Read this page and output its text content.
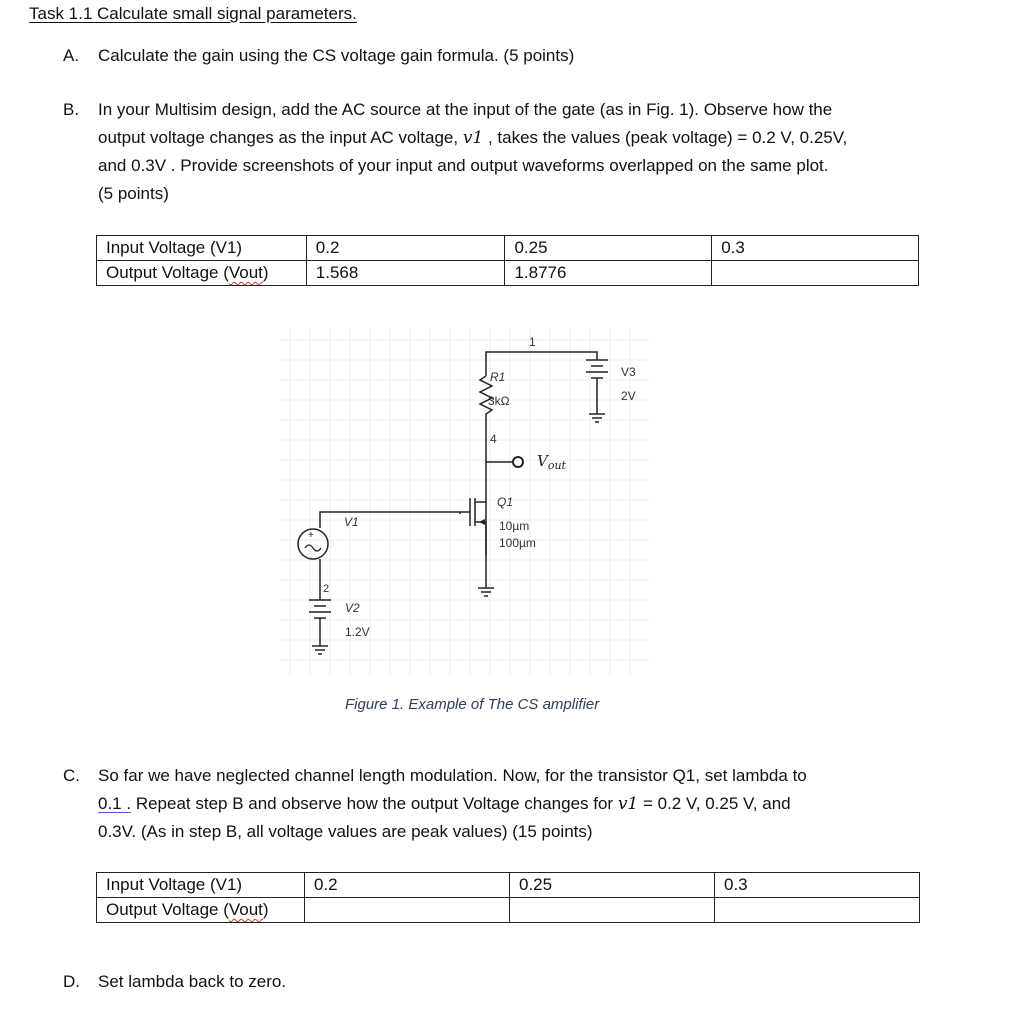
Task 1.1 Calculate small signal parameters.
A. Calculate the gain using the CS voltage gain formula. (5 points)
B. In your Multisim design, add the AC source at the input of the gate (as in Fig. 1). Observe how the
output voltage changes as the input AC voltage, v1 , takes the values (peak voltage) = 0.2 V, 0.25V,
and 0.3V . Provide screenshots of your input and output waveforms overlapped on the same plot.
(5 points)
Input Voltage (V1)	0.2	0.25	0.3
Output Voltage (Vout)	1.568	1.8776	
+
1
R1
3kΩ
V3
2V
4
$V_{out}$
Q1
10µm
100µm
V1
2
V2
1.2V
Figure 1. Example of The CS amplifier
C. So far we have neglected channel length modulation. Now, for the transistor Q1, set lambda to
0.1 . Repeat step B and observe how the output Voltage changes for v1 = 0.2 V, 0.25 V, and
0.3V. (As in step B, all voltage values are peak values) (15 points)
Input Voltage (V1)	0.2	0.25	0.3
Output Voltage (Vout)			
D. Set lambda back to zero.
